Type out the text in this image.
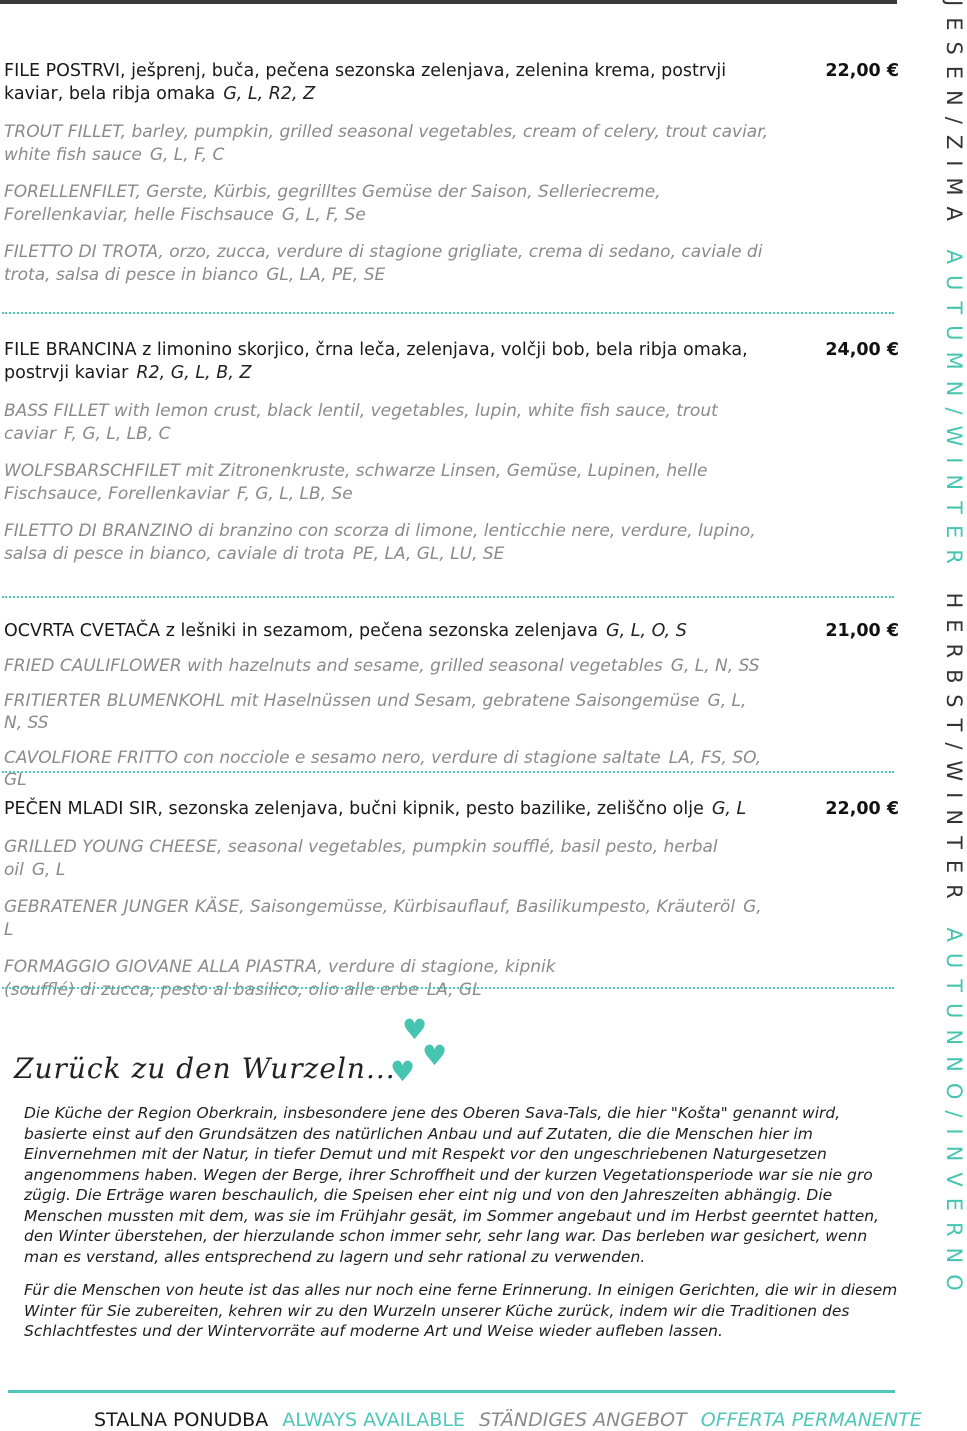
FILE POSTRVI, ješprenj, buča, pečena sezonska zelenjava, zelenina krema, postrvji kaviar, bela ribja omaka G, L, R2, Z
22,00 €
TROUT FILLET, barley, pumpkin, grilled seasonal vegetables, cream of celery, trout caviar, white fish sauce G, L, F, C
FORELLENFILET, Gerste, Kürbis, gegrilltes Gemüse der Saison, Selleriecreme, Forellenkaviar, helle Fischsauce G, L, F, Se
FILETTO DI TROTA, orzo, zucca, verdure di stagione grigliate, crema di sedano, caviale di trota, salsa di pesce in bianco GL, LA, PE, SE
FILE BRANCINA z limonino skorjico, črna leča, zelenjava, volčji bob, bela ribja omaka, postrvji kaviar R2, G, L, B, Z
24,00 €
BASS FILLET with lemon crust, black lentil, vegetables, lupin, white fish sauce, trout caviar F, G, L, LB, C
WOLFSBARSCHFILET mit Zitronenkruste, schwarze Linsen, Gemüse, Lupinen, helle Fischsauce, Forellenkaviar F, G, L, LB, Se
FILETTO DI BRANZINO di branzino con scorza di limone, lenticchie nere, verdure, lupino, salsa di pesce in bianco, caviale di trota PE, LA, GL, LU, SE
OCVRTA CVETAČA z lešniki in sezamom, pečena sezonska zelenjava G, L, O, S	21,00 €
FRIED CAULIFLOWER with hazelnuts and sesame, grilled seasonal vegetables G, L, N, SS
FRITIERTER BLUMENKOHL mit Haselnüssen und Sesam, gebratene Saisongemüse G, L, N, SS
CAVOLFIORE FRITTO con nocciole e sesamo nero, verdure di stagione saltate LA, FS, SO, GL
PEČEN MLADI SIR, sezonska zelenjava, bučni kipnik, pesto bazilike, zeliščno olje G, L	22,00 €
GRILLED YOUNG CHEESE, seasonal vegetables, pumpkin soufflé, basil pesto, herbal oil G, L
GEBRATENER JUNGER KÄSE, Saisongemüsse, Kürbisauflauf, Basilikumpesto, Kräuteröl G, L
FORMAGGIO GIOVANE ALLA PIASTRA, verdure di stagione, kipnik (soufflé) di zucca, pesto al basilico, olio alle erbe LA, GL
♥
♥
♥
Zurück zu den Wurzeln...

Die Küche der Region Oberkrain, insbesondere jene des Oberen Sava-Tals, die hier "Košta" genannt wird, basierte einst auf den Grundsätzen des natürlichen Anbau und auf Zutaten, die die Menschen hier im Einvernehmen mit der Natur, in tiefer Demut und mit Respekt vor den ungeschriebenen Naturgesetzen angenommens haben. Wegen der Berge, ihrer Schroffheit und der kurzen Vegetationsperiode war sie nie gro zügig. Die Erträge waren beschaulich, die Speisen eher eint nig und von den Jahreszeiten abhängig. Die Menschen mussten mit dem, was sie im Frühjahr gesät, im Sommer angebaut und im Herbst geerntet hatten, den Winter überstehen, der hierzulande schon immer sehr, sehr lang war. Das berleben war gesichert, wenn man es verstand, alles entsprechend zu lagern und sehr rational zu verwenden.

Für die Menschen von heute ist das alles nur noch eine ferne Erinnerung. In einigen Gerichten, die wir in diesem Winter für Sie zubereiten, kehren wir zu den Wurzeln unserer Küche zurück, indem wir die Traditionen des Schlachtfestes und der Wintervorräte auf moderne Art und Weise wieder aufleben lassen.

STALNA PONUDBA ALWAYS AVAILABLE STÄNDIGES ANGEBOT OFFERTA PERMANENTE
JESEN/ZIMA AUTUMN/WINTER HERBST/WINTER AUTUNNO/INVERNO
